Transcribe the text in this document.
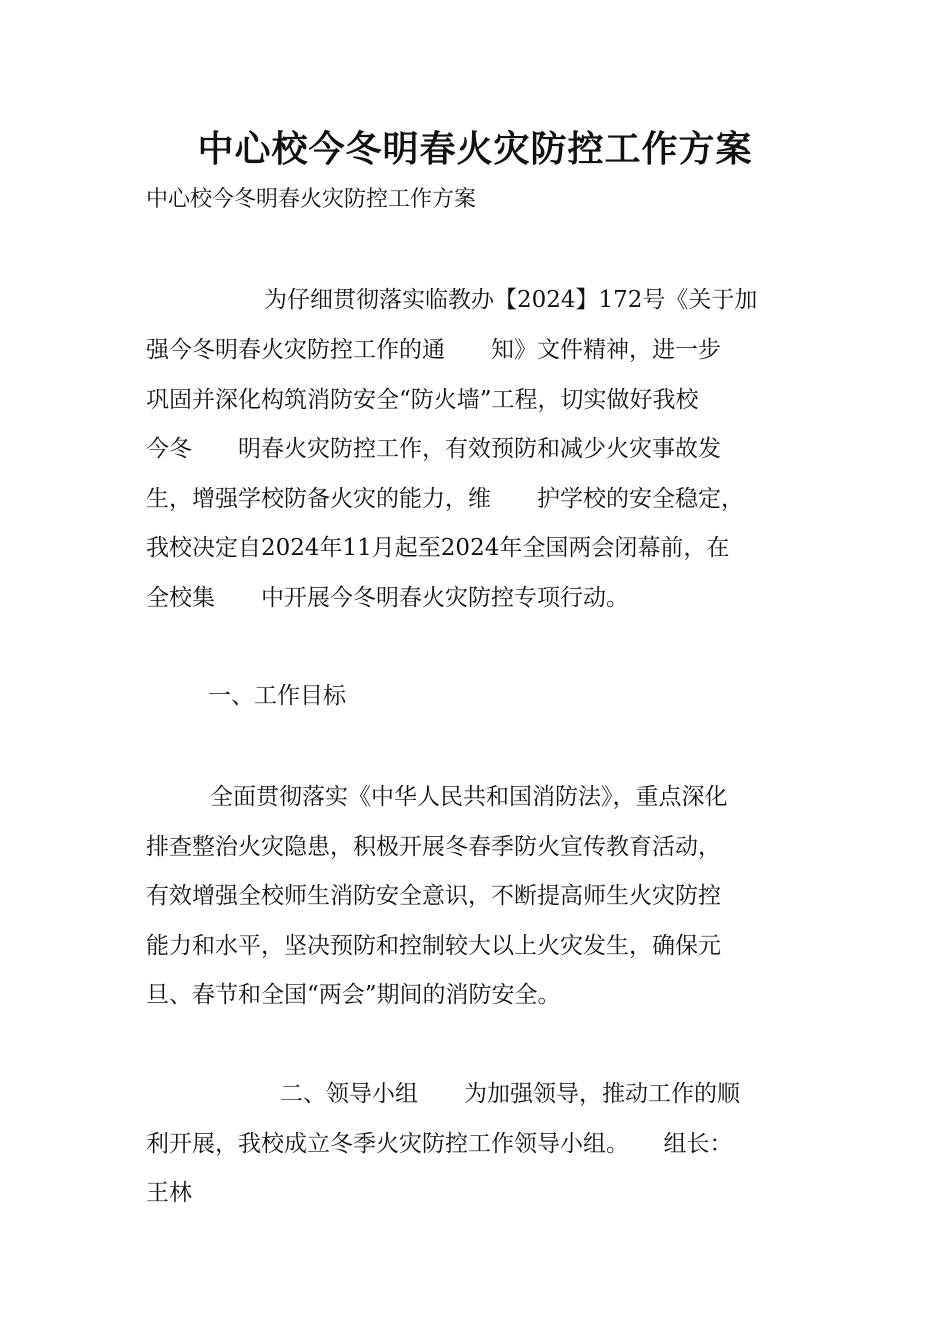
中心校今冬明春火灾防控工作方案
中心校今冬明春火灾防控工作方案
为仔细贯彻落实临教办【2024】172号《关于加
强今冬明春火灾防控工作的通　　知》文件精神，进一步
巩固并深化构筑消防安全“防火墙”工程，切实做好我校
今冬　　明春火灾防控工作，有效预防和减少火灾事故发
生，增强学校防备火灾的能力，维　　护学校的安全稳定，
我校决定自2024年11月起至2024年全国两会闭幕前，在
全校集　　中开展今冬明春火灾防控专项行动。
一、工作目标
全面贯彻落实《中华人民共和国消防法》，重点深化
排查整治火灾隐患，积极开展冬春季防火宣传教育活动，
有效增强全校师生消防安全意识，不断提高师生火灾防控
能力和水平，坚决预防和控制较大以上火灾发生，确保元
旦、春节和全国“两会”期间的消防安全。
二、领导小组　　为加强领导，推动工作的顺
利开展，我校成立冬季火灾防控工作领导小组。　　组长：
王林
